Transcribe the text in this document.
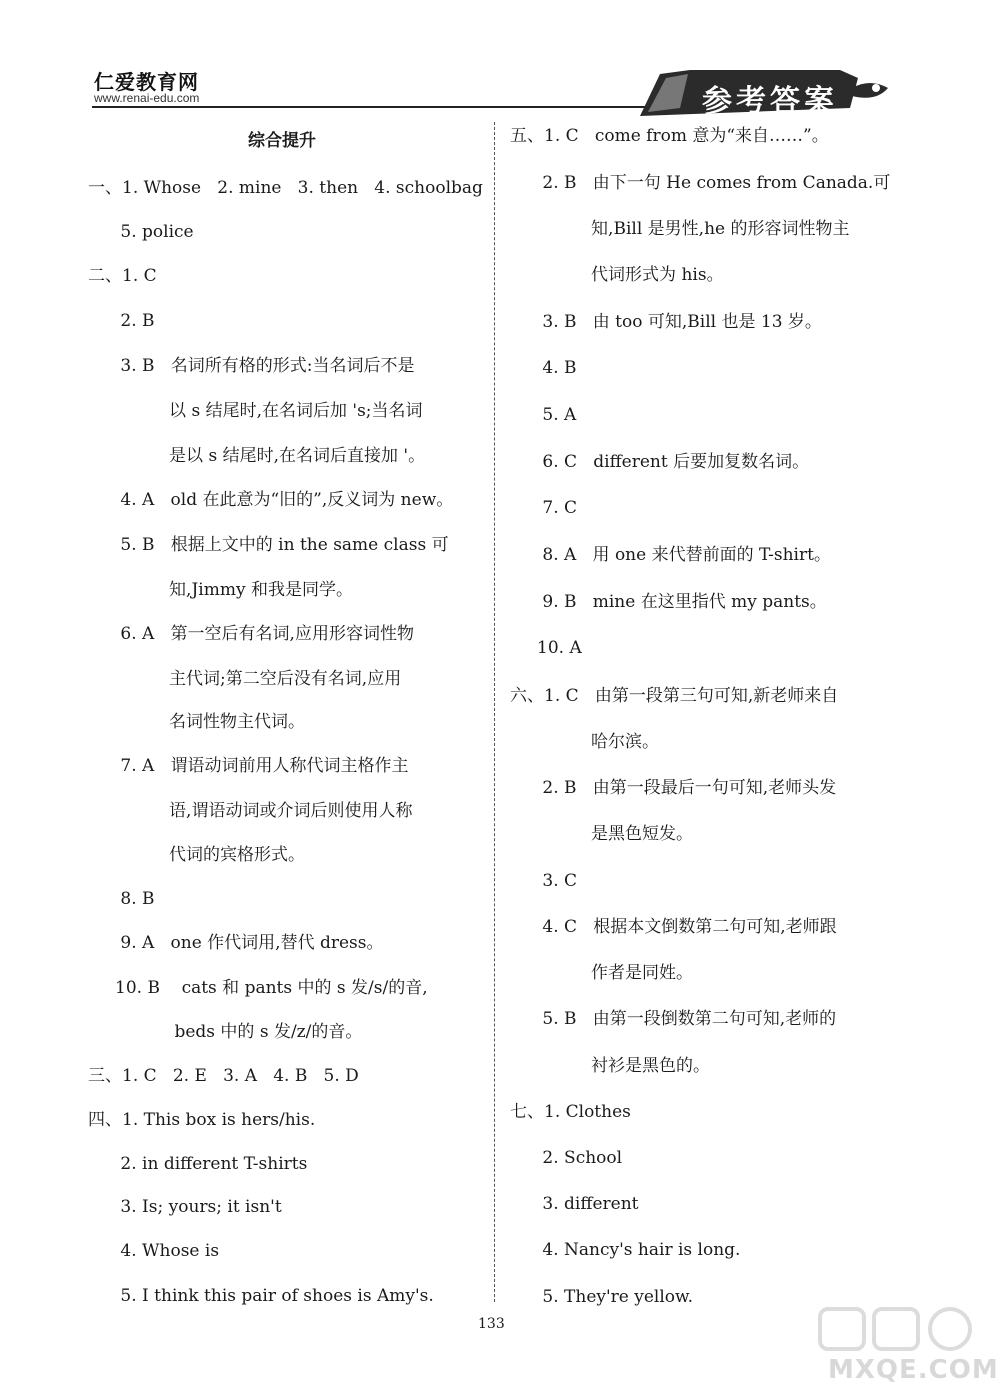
仁爱教育网
www.renai-edu.com	参考答案
综合提升
一、1. Whose   2. mine   3. then   4. schoolbag
5. police
二、1. C
2. B
3. B   名词所有格的形式:当名词后不是
以 s 结尾时,在名词后加 's;当名词
是以 s 结尾时,在名词后直接加 '。
4. A   old 在此意为“旧的”,反义词为 new。
5. B   根据上文中的 in the same class 可
知,Jimmy 和我是同学。
6. A   第一空后有名词,应用形容词性物
主代词;第二空后没有名词,应用
名词性物主代词。
7. A   谓语动词前用人称代词主格作主
语,谓语动词或介词后则使用人称
代词的宾格形式。
8. B
9. A   one 作代词用,替代 dress。
10. B    cats 和 pants 中的 s 发/s/的音,
beds 中的 s 发/z/的音。
三、1. C   2. E   3. A   4. B   5. D
四、1. This box is hers/his.
2. in different T-shirts
3. Is; yours; it isn't
4. Whose is
5. I think this pair of shoes is Amy's.
五、1. C   come from 意为“来自……”。
2. B   由下一句 He comes from Canada.可
知,Bill 是男性,he 的形容词性物主
代词形式为 his。
3. B   由 too 可知,Bill 也是 13 岁。
4. B
5. A
6. C   different 后要加复数名词。
7. C
8. A   用 one 来代替前面的 T-shirt。
9. B   mine 在这里指代 my pants。
10. A
六、1. C   由第一段第三句可知,新老师来自
哈尔滨。
2. B   由第一段最后一句可知,老师头发
是黑色短发。
3. C
4. C   根据本文倒数第二句可知,老师跟
作者是同姓。
5. B   由第一段倒数第二句可知,老师的
衬衫是黑色的。
七、1. Clothes
2. School
3. different
4. Nancy's hair is long.
5. They're yellow.
133
MXQE.COM
